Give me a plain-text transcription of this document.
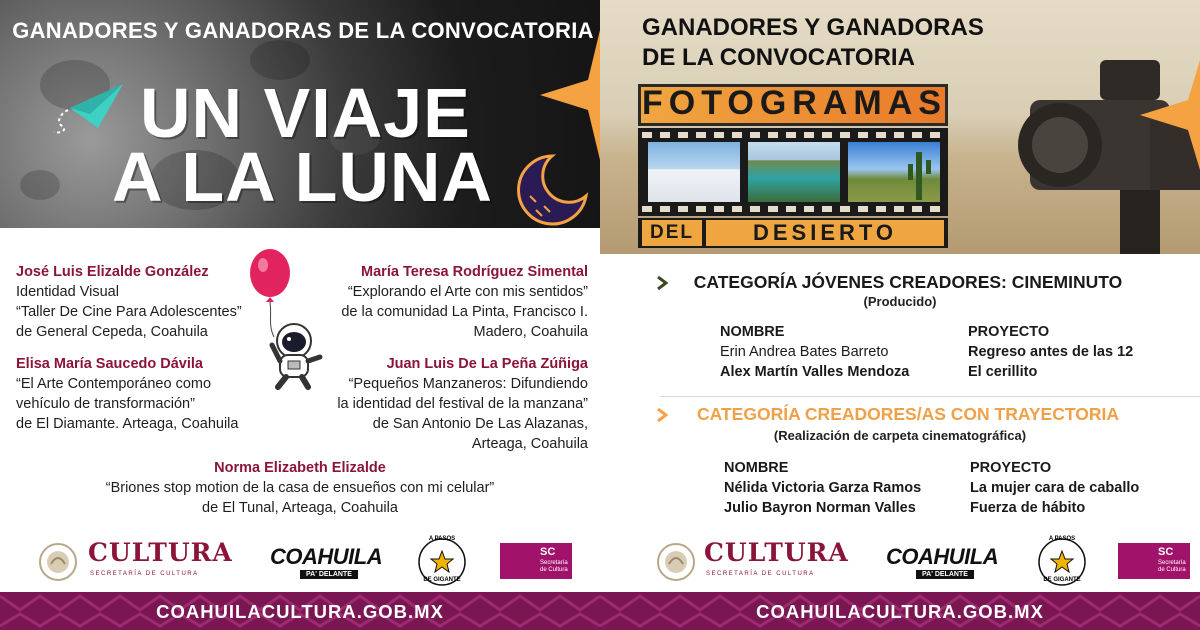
GANADORES Y GANADORAS DE LA CONVOCATORIA
UN VIAJE
A LA LUNA
José Luis Elizalde González
Identidad Visual
“Taller De Cine Para Adolescentes”
de General Cepeda, Coahuila
María Teresa Rodríguez Simental
“Explorando el Arte con mis sentidos”
de la comunidad La Pinta, Francisco I.
Madero, Coahuila
Elisa María Saucedo Dávila
“El Arte Contemporáneo como
vehículo de transformación”
de El Diamante. Arteaga, Coahuila
Juan Luis De La Peña Zúñiga
“Pequeños Manzaneros: Difundiendo
la identidad del festival de la manzana”
de San Antonio De Las Alazanas,
Arteaga, Coahuila
Norma Elizabeth Elizalde
“Briones stop motion de la casa de ensueños con mi celular”
de El Tunal, Arteaga, Coahuila
CULTURA
SECRETARÍA DE CULTURA
COAHUILA
PA' DELANTE
A PASOS
DE GIGANTE
SC
Secretaría
de Cultura
COAHUILACULTURA.GOB.MX
GANADORES Y GANADORAS
DE LA CONVOCATORIA
FOTOGRAMAS
DEL	DESIERTO
CATEGORÍA JÓVENES CREADORES: CINEMINUTO
(Producido)
NOMBRE
Erin Andrea Bates Barreto
Alex Martín Valles Mendoza
PROYECTO
Regreso antes de las 12
El cerillito
CATEGORÍA CREADORES/AS CON TRAYECTORIA
(Realización de carpeta cinematográfica)
NOMBRE
Nélida Victoria Garza Ramos
Julio Bayron Norman Valles
PROYECTO
La mujer cara de caballo
Fuerza de hábito
CULTURA
SECRETARÍA DE CULTURA
COAHUILA
PA' DELANTE
A PASOS
DE GIGANTE
SC
Secretaría
de Cultura
COAHUILACULTURA.GOB.MX
